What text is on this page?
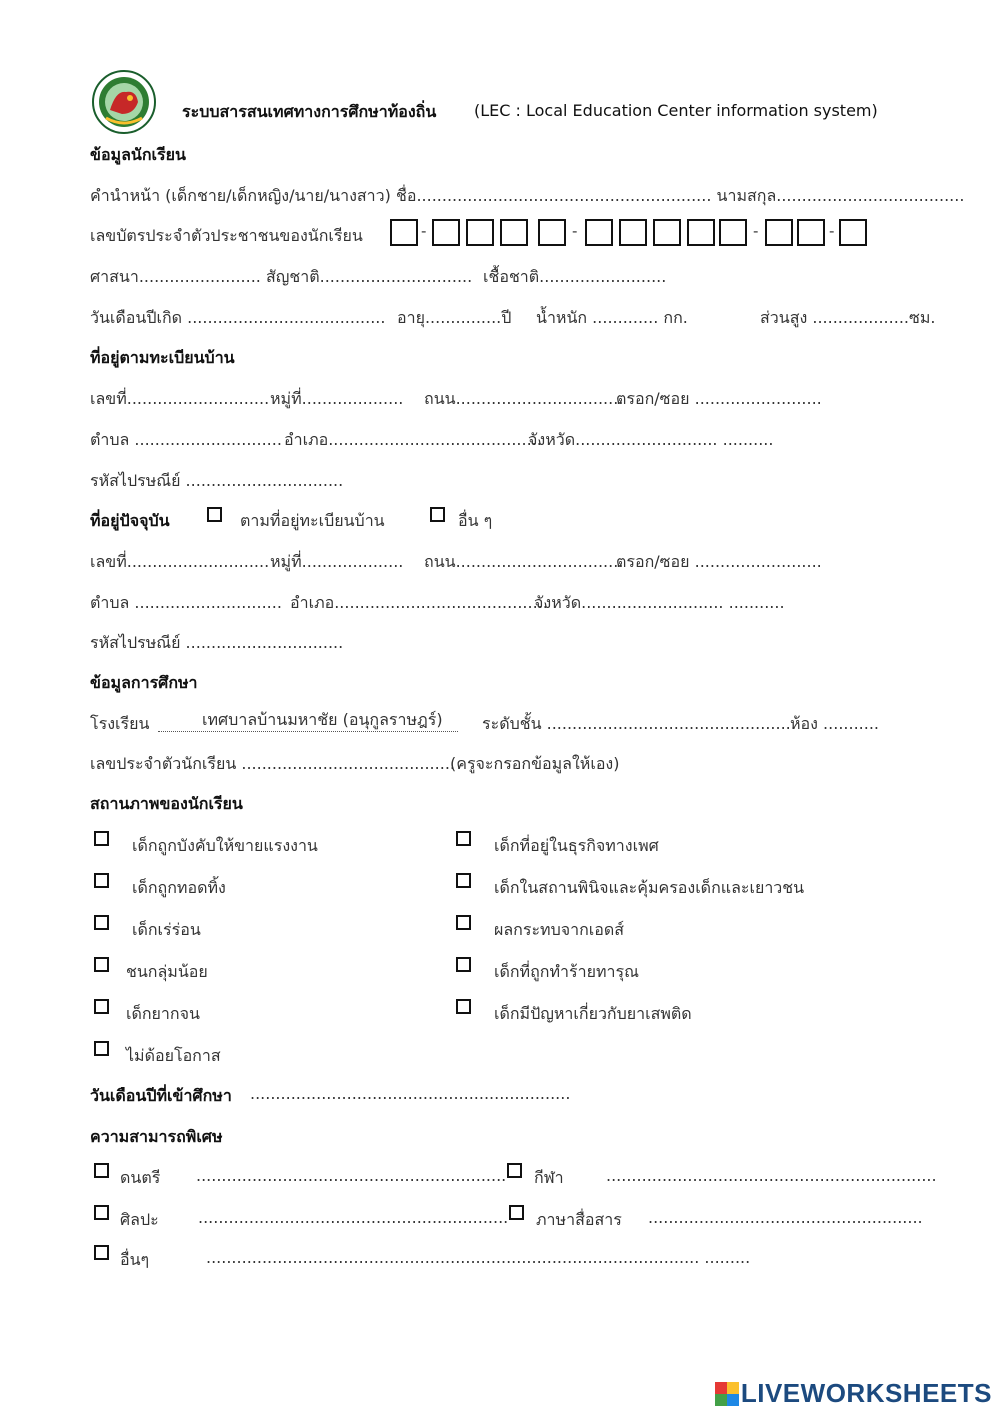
ระบบสารสนเทศทางการศึกษาท้องถิ่น (LEC : Local Education Center information system)
ข้อมูลนักเรียน
คำนำหน้า (เด็กชาย/เด็กหญิง/นาย/นางสาว) ชื่อ.......................................................... นามสกุล.....................................
เลขบัตรประจำตัวประชาชนของนักเรียน	-	-	-	-
ศาสนา........................ สัญชาติ.............................. เชื้อชาติ.........................
วันเดือนปีเกิด ....................................... อายุ...............ปี น้ำหนัก ............. กก.	ส่วนสูง ...................ซม.
ที่อยู่ตามทะเบียนบ้าน
เลขที่............................ หมู่ที่.................... ถนน.................................
ตรอก/ซอย .........................
ตำบล ............................. อำเภอ..........................................
จังหวัด............................ ..........
รหัสไปรษณีย์ ...............................
ที่อยู่ปัจจุบัน	ตามที่อยู่ทะเบียนบ้าน	อื่น ๆ
เลขที่............................ หมู่ที่.................... ถนน.................................
ตรอก/ซอย .........................
ตำบล ............................. อำเภอ..........................................
จังหวัด............................ ...........
รหัสไปรษณีย์ ...............................
ข้อมูลการศึกษา
โรงเรียน	เทศบาลบ้านมหาชัย (อนุกูลราษฎร์)	ระดับชั้น .................................................
ห้อง ...........
เลขประจำตัวนักเรียน ..........................................
(ครูจะกรอกข้อมูลให้เอง)
สถานภาพของนักเรียน
เด็กถูกบังคับให้ขายแรงงาน
เด็กถูกทอดทิ้ง
เด็กเร่ร่อน
ชนกลุ่มน้อย
เด็กยากจน
ไม่ด้อยโอกาส
เด็กที่อยู่ในธุรกิจทางเพศ
เด็กในสถานพินิจและคุ้มครองเด็กและเยาวชน
ผลกระทบจากเอดส์
เด็กที่ถูกทำร้ายทารุณ
เด็กมีปัญหาเกี่ยวกับยาเสพติด
วันเดือนปีที่เข้าศึกษา ...............................................................
ความสามารถพิเศษ
ดนตรี ............................................................. กีฬา	.................................................................
ศิลปะ ............................................................. ภาษาสื่อสาร ......................................................
อื่นๆ	................................................................................................. .........
LIVEWORKSHEETS
